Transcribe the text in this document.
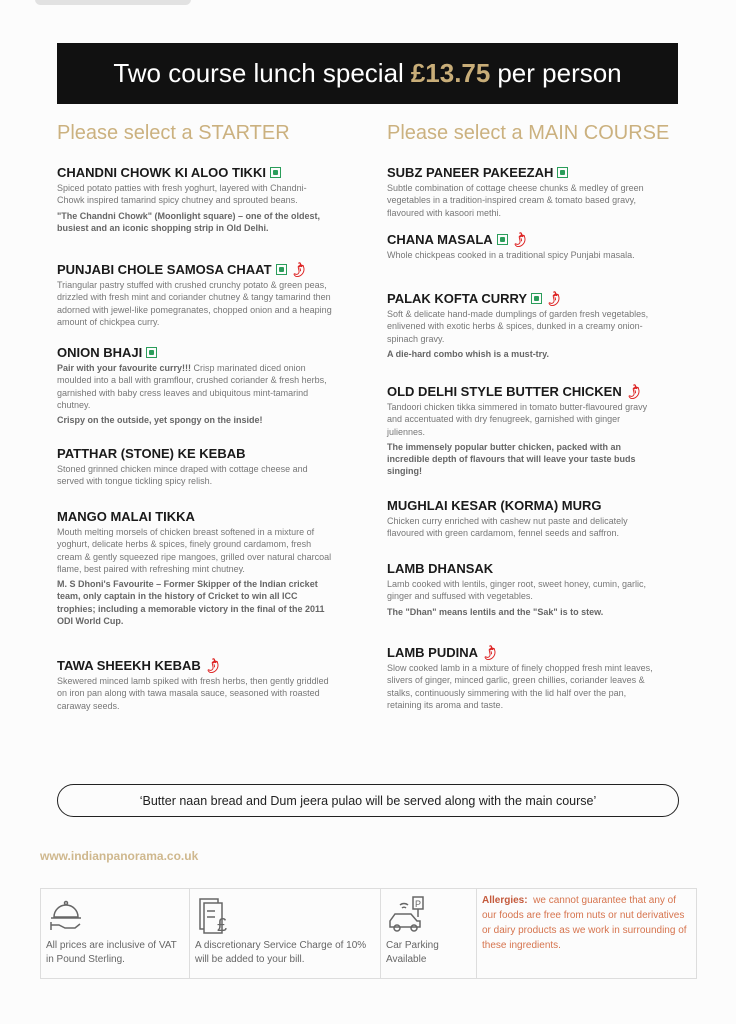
Two course lunch special £13.75 per person
Please select a STARTER	Please select a MAIN COURSE
CHANDNI CHOWK KI ALOO TIKKI

Spiced potato patties with fresh yoghurt, layered with Chandni-Chowk inspired tamarind spicy chutney and sprouted beans.

"The Chandni Chowk" (Moonlight square) – one of the oldest, busiest and an iconic shopping strip in Old Delhi.

PUNJABI CHOLE SAMOSA CHAAT 🌶

Triangular pastry stuffed with crushed crunchy potato & green peas, drizzled with fresh mint and coriander chutney & tangy tamarind then adorned with jewel-like pomegranates, chopped onion and a heaping amount of chickpea curry.

ONION BHAJI

Pair with your favourite curry!!! Crisp marinated diced onion moulded into a ball with gramflour, crushed coriander & fresh herbs, garnished with baby cress leaves and ubiquitous mint-tamarind chutney.

Crispy on the outside, yet spongy on the inside!

PATTHAR (STONE) KE KEBAB

Stoned grinned chicken mince draped with cottage cheese and served with tongue tickling spicy relish.

MANGO MALAI TIKKA

Mouth melting morsels of chicken breast softened in a mixture of yoghurt, delicate herbs & spices, finely ground cardamom, fresh cream & gently squeezed ripe mangoes, grilled over natural charcoal flame, best paired with refreshing mint chutney.

M. S Dhoni's Favourite – Former Skipper of the Indian cricket team, only captain in the history of Cricket to win all ICC trophies; including a memorable victory in the final of the 2011 ODI World Cup.

TAWA SHEEKH KEBAB 🌶

Skewered minced lamb spiked with fresh herbs, then gently griddled on iron pan along with tawa masala sauce, seasoned with roasted caraway seeds.

SUBZ PANEER PAKEEZAH

Subtle combination of cottage cheese chunks & medley of green vegetables in a tradition-inspired cream & tomato based gravy, flavoured with kasoori methi.

CHANA MASALA 🌶

Whole chickpeas cooked in a traditional spicy Punjabi masala.

PALAK KOFTA CURRY 🌶

Soft & delicate hand-made dumplings of garden fresh vegetables, enlivened with exotic herbs & spices, dunked in a creamy onion-spinach gravy.

A die-hard combo whish is a must-try.

OLD DELHI STYLE BUTTER CHICKEN 🌶

Tandoori chicken tikka simmered in tomato butter-flavoured gravy and accentuated with dry fenugreek, garnished with ginger juliennes.

The immensely popular butter chicken, packed with an incredible depth of flavours that will leave your taste buds singing!

MUGHLAI KESAR (KORMA) MURG

Chicken curry enriched with cashew nut paste and delicately flavoured with green cardamom, fennel seeds and saffron.

LAMB DHANSAK

Lamb cooked with lentils, ginger root, sweet honey, cumin, garlic, ginger and suffused with vegetables.

The "Dhan" means lentils and the "Sak" is to stew.

LAMB PUDINA 🌶

Slow cooked lamb in a mixture of finely chopped fresh mint leaves, slivers of ginger, minced garlic, green chillies, coriander leaves & stalks, continuously simmering with the lid half over the pan, retaining its aroma and taste.

‘Butter naan bread and Dum jeera pulao will be served along with the main course’
www.indianpanorama.co.uk
All prices are inclusive of VAT in Pound Sterling.
£
A discretionary Service Charge of 10% will be added to your bill.
P
Car Parking Available
Allergies: we cannot guarantee that any of our foods are free from nuts or nut derivatives or dairy products as we work in surrounding of these ingredients.
